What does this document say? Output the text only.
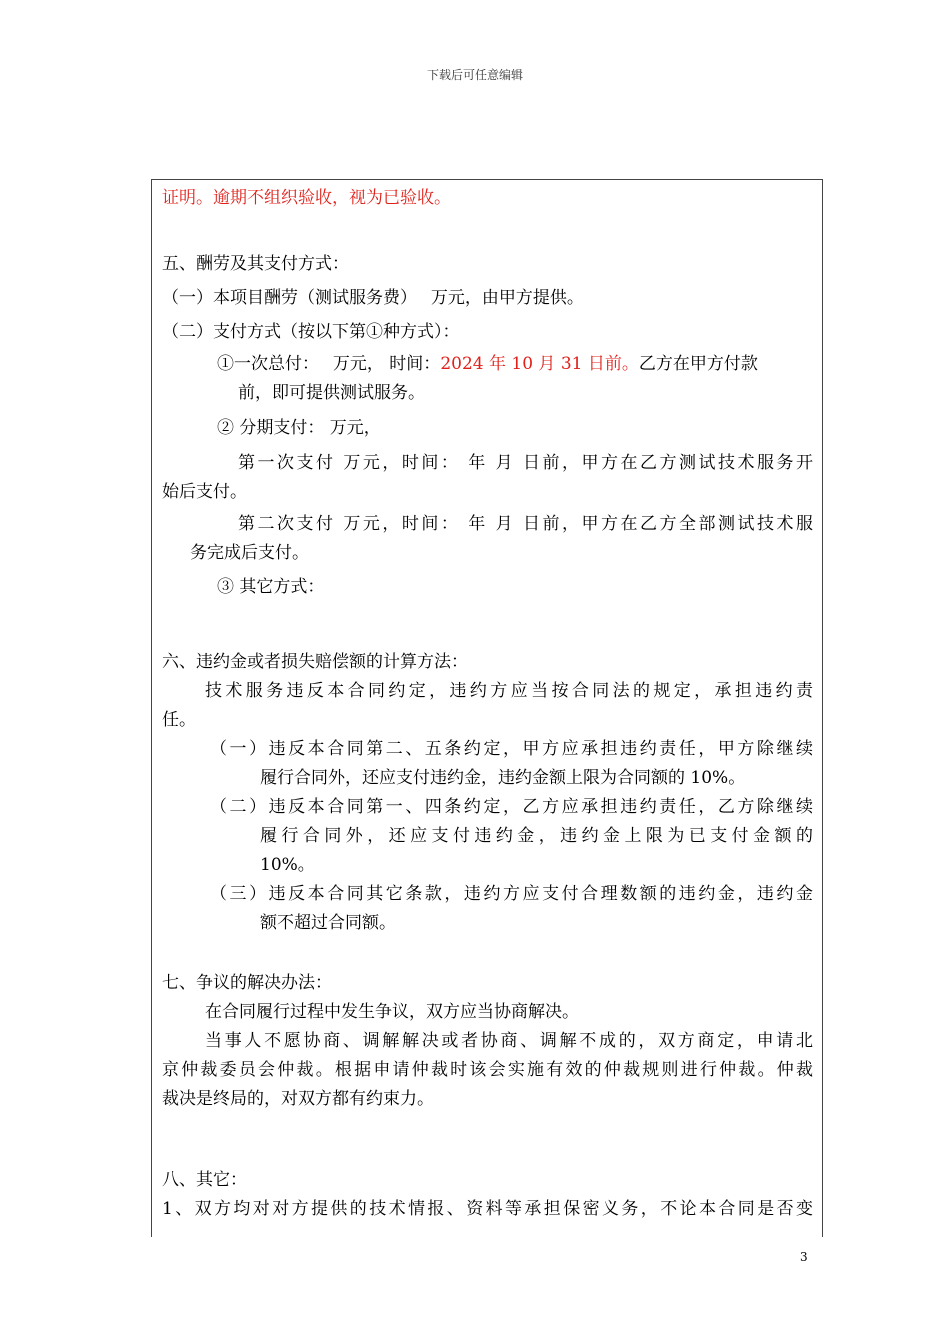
下载后可任意编辑
证明。逾期不组织验收，视为已验收。
五、酬劳及其支付方式：
（一）本项目酬劳（测试服务费）　 万元，由甲方提供。
（二）支付方式（按以下第①种方式）：
①一次总付：　 万元， 时间：2024 年 10 月 31 日前。乙方在甲方付款
前，即可提供测试服务。
② 分期支付： 万元，
第一次支付 万元，时间： 年 月 日前，甲方在乙方测试技术服务开
始后支付。
第二次支付 万元，时间： 年 月 日前，甲方在乙方全部测试技术服
务完成后支付。
③ 其它方式：
六、违约金或者损失赔偿额的计算方法：
技术服务违反本合同约定，违约方应当按合同法的规定，承担违约责
任。
（一）违反本合同第二、五条约定，甲方应承担违约责任，甲方除继续
履行合同外，还应支付违约金，违约金额上限为合同额的 10%。
（二）违反本合同第一、四条约定，乙方应承担违约责任，乙方除继续
履行合同外，还应支付违约金，违约金上限为已支付金额的
10%。
（三）违反本合同其它条款，违约方应支付合理数额的违约金，违约金
额不超过合同额。
七、争议的解决办法：
在合同履行过程中发生争议，双方应当协商解决。
当事人不愿协商、调解解决或者协商、调解不成的，双方商定，申请北
京仲裁委员会仲裁。根据申请仲裁时该会实施有效的仲裁规则进行仲裁。仲裁
裁决是终局的，对双方都有约束力。
八、其它：
1、双方均对对方提供的技术情报、资料等承担保密义务，不论本合同是否变
3
